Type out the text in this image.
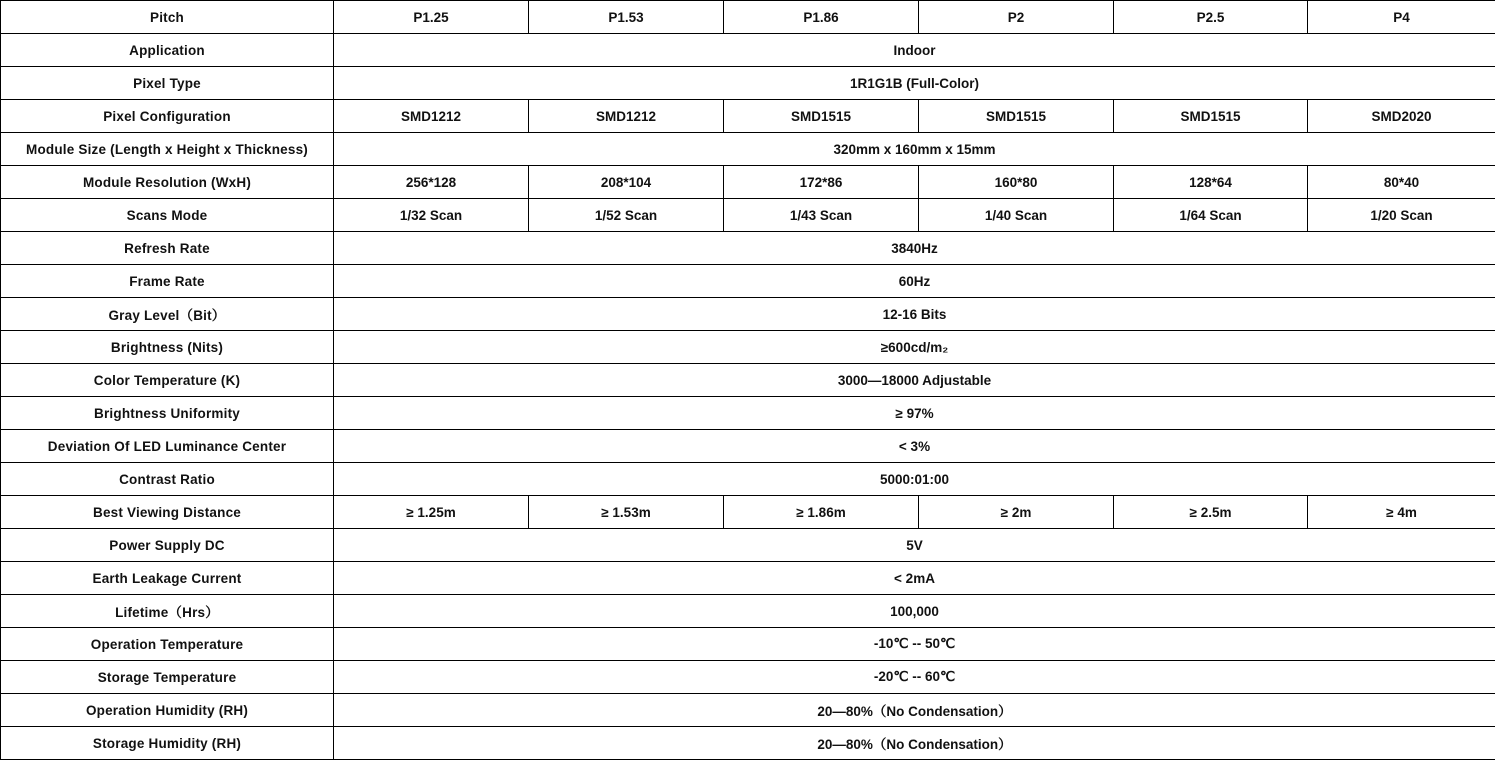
Pitch	P1.25	P1.53	P1.86	P2	P2.5	P4
Application	Indoor					
Pixel Type	1R1G1B (Full-Color)					
Pixel Configuration	SMD1212	SMD1212	SMD1515	SMD1515	SMD1515	SMD2020
Module Size (Length x Height x Thickness)	320mm x 160mm x 15mm					
Module Resolution (WxH)	256*128	208*104	172*86	160*80	128*64	80*40
Scans Mode	1/32 Scan	1/52 Scan	1/43 Scan	1/40 Scan	1/64 Scan	1/20 Scan
Refresh Rate	3840Hz					
Frame Rate	60Hz					
Gray Level（Bit）	12-16 Bits					
Brightness (Nits)	≥600cd/m₂					
Color Temperature (K)	3000—18000 Adjustable					
Brightness Uniformity	≥ 97%					
Deviation Of LED Luminance Center	< 3%					
Contrast Ratio	5000:01:00					
Best Viewing Distance	≥ 1.25m	≥ 1.53m	≥ 1.86m	≥ 2m	≥ 2.5m	≥ 4m
Power Supply DC	5V					
Earth Leakage Current	< 2mA					
Lifetime（Hrs）	100,000					
Operation Temperature	-10℃ -- 50℃					
Storage Temperature	-20℃ -- 60℃					
Operation Humidity (RH)	20—80%（No Condensation）					
Storage Humidity (RH)	20—80%（No Condensation）					
